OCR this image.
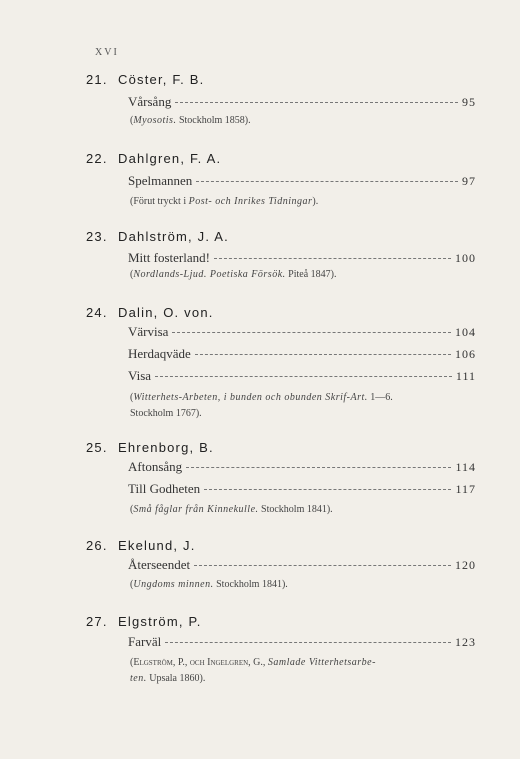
XVI
21. Cöster, F. B.
Vårsång	95
(Myosotis. Stockholm 1858).
22. Dahlgren, F. A.
Spelmannen	97
(Förut tryckt i Post- och Inrikes Tidningar).
23. Dahlström, J. A.
Mitt fosterland!	100
(Nordlands-Ljud. Poetiska Försök. Piteå 1847).
24. Dalin, O. von.
Värvisa	104
Herdaqväde	106
Visa	111
(Witterhets-Arbeten, i bunden och obunden Skrif-Art. 1—6.
Stockholm 1767).
25. Ehrenborg, B.
Aftonsång	114
Till Godheten	117
(Små fåglar från Kinnekulle. Stockholm 1841).
26. Ekelund, J.
Återseendet	120
(Ungdoms minnen. Stockholm 1841).
27. Elgström, P.
Farväl	123
(Elgström, P., och Ingelgren, G., Samlade Vitterhetsarbe-
ten. Upsala 1860).
